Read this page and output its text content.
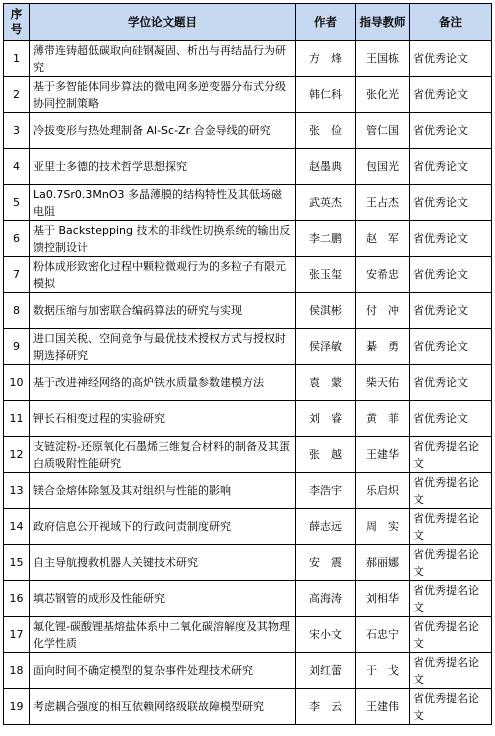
序号	学位论文题目	作者	指导教师	备注
1	薄带连铸超低碳取向硅钢凝固、析出与再结晶行为研究	方　烽	王国栋	省优秀论文
2	基于多智能体同步算法的微电网多逆变器分布式分级协同控制策略	韩仁科	张化光	省优秀论文
3	冷拔变形与热处理制备 Al-Sc-Zr 合金导线的研究	张　俭	管仁国	省优秀论文
4	亚里士多德的技术哲学思想探究	赵墨典	包国光	省优秀论文
5	La0.7Sr0.3MnO3 多晶薄膜的结构特性及其低场磁电阻	武英杰	王占杰	省优秀论文
6	基于 Backstepping 技术的非线性切换系统的输出反馈控制设计	李二鹏	赵　军	省优秀论文
7	粉体成形致密化过程中颗粒微观行为的多粒子有限元模拟	张玉玺	安希忠	省优秀论文
8	数据压缩与加密联合编码算法的研究与实现	侯淇彬	付　冲	省优秀论文
9	进口国关税、空间竞争与最优技术授权方式与授权时期选择研究	侯泽敏	綦　勇	省优秀论文
10	基于改进神经网络的高炉铁水质量参数建模方法	袁　蒙	柴天佑	省优秀论文
11	钾长石相变过程的实验研究	刘　睿	黄　菲	省优秀论文
12	支链淀粉-还原氧化石墨烯三维复合材料的制备及其蛋白质吸附性能研究	张　越	王建华	省优秀提名论文
13	镁合金熔体除氢及其对组织与性能的影响	李浩宇	乐启炽	省优秀提名论文
14	政府信息公开视域下的行政问责制度研究	薛志远	周　实	省优秀提名论文
15	自主导航搜救机器人关键技术研究	安　震	郝丽娜	省优秀提名论文
16	填芯钢管的成形及性能研究	高海涛	刘相华	省优秀提名论文
17	氟化锂-碳酸锂基熔盐体系中二氧化碳溶解度及其物理化学性质	宋小文	石忠宁	省优秀提名论文
18	面向时间不确定模型的复杂事件处理技术研究	刘红蕾	于　戈	省优秀提名论文
19	考虑耦合强度的相互依赖网络级联故障模型研究	李　云	王建伟	省优秀提名论文
